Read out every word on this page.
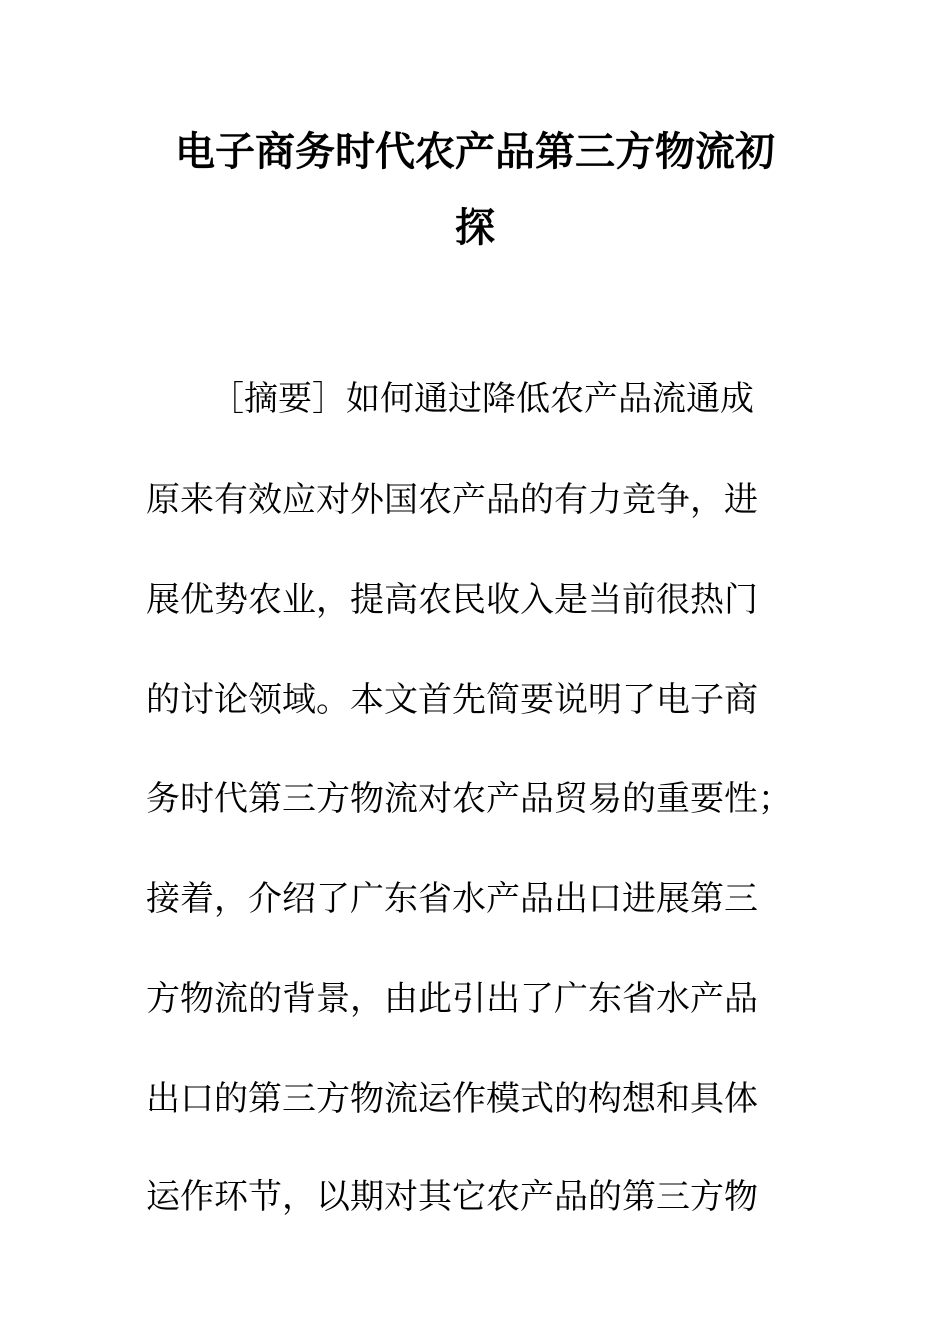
电子商务时代农产品第三方物流初
探
［摘要］如何通过降低农产品流通成
原来有效应对外国农产品的有力竞争，进
展优势农业，提高农民收入是当前很热门
的讨论领域。本文首先简要说明了电子商
务时代第三方物流对农产品贸易的重要性；
接着，介绍了广东省水产品出口进展第三
方物流的背景，由此引出了广东省水产品
出口的第三方物流运作模式的构想和具体
运作环节，以期对其它农产品的第三方物
